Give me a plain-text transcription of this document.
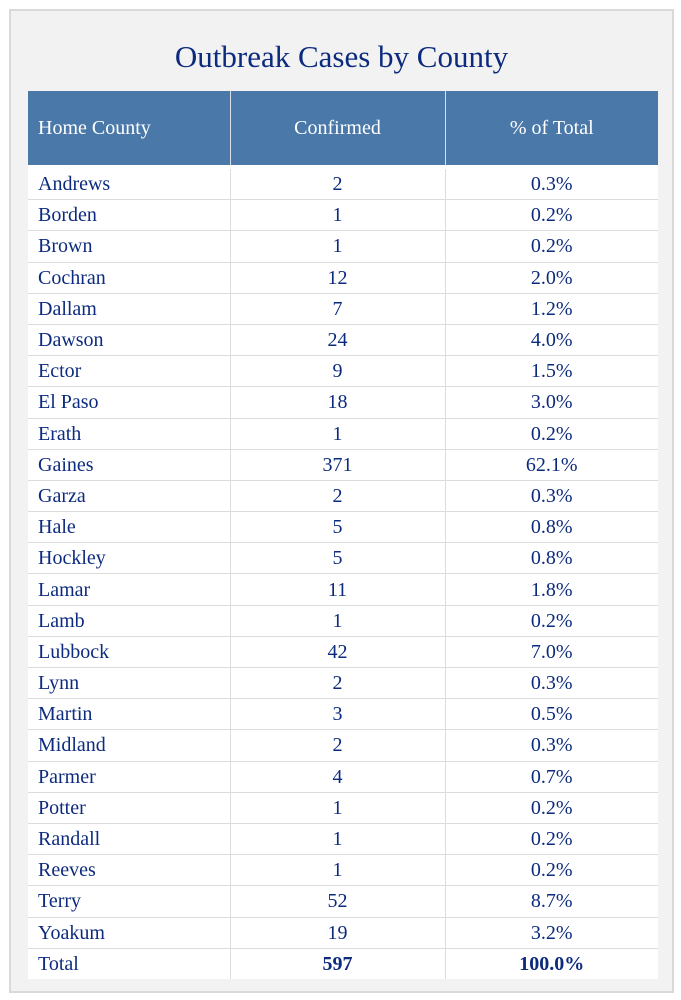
Outbreak Cases by County
Home County	Confirmed	% of Total
Andrews	2	0.3%
Borden	1	0.2%
Brown	1	0.2%
Cochran	12	2.0%
Dallam	7	1.2%
Dawson	24	4.0%
Ector	9	1.5%
El Paso	18	3.0%
Erath	1	0.2%
Gaines	371	62.1%
Garza	2	0.3%
Hale	5	0.8%
Hockley	5	0.8%
Lamar	11	1.8%
Lamb	1	0.2%
Lubbock	42	7.0%
Lynn	2	0.3%
Martin	3	0.5%
Midland	2	0.3%
Parmer	4	0.7%
Potter	1	0.2%
Randall	1	0.2%
Reeves	1	0.2%
Terry	52	8.7%
Yoakum	19	3.2%
Total	597	100.0%
